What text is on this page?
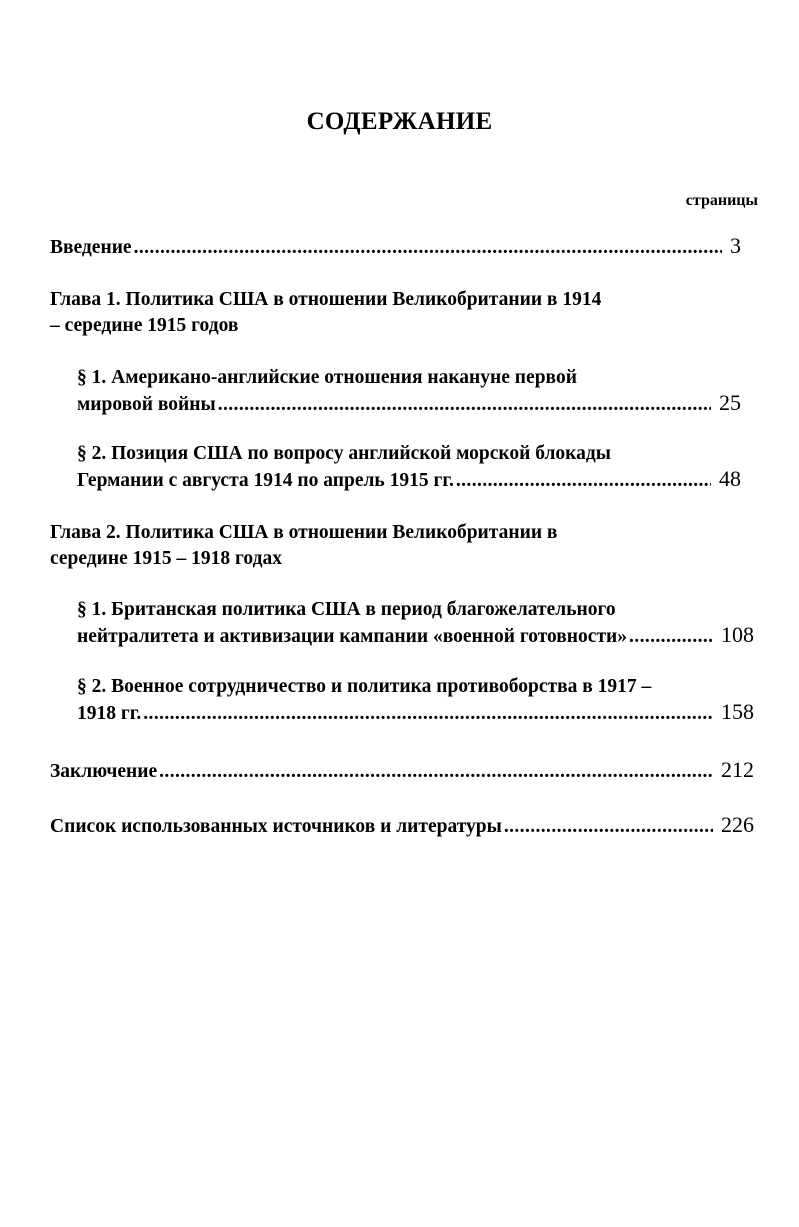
СОДЕРЖАНИЕ
страницы
Введение .....	3
Глава 1. Политика США в отношении Великобритании в 1914
– середине 1915 годов
§ 1. Американо-английские отношения накануне первой
мировой войны .....	25
§ 2. Позиция США по вопросу английской морской блокады
Германии с августа 1914 по апрель 1915 гг. .....	48
Глава 2. Политика США в отношении Великобритании в
середине 1915 – 1918 годах
§ 1. Британская политика США в период благожелательного
нейтралитета и активизации кампании «военной готовности» .....	108
§ 2. Военное сотрудничество и политика противоборства в 1917 –
1918 гг. .....	158
Заключение .....	212
Список использованных источников и литературы .....	226
